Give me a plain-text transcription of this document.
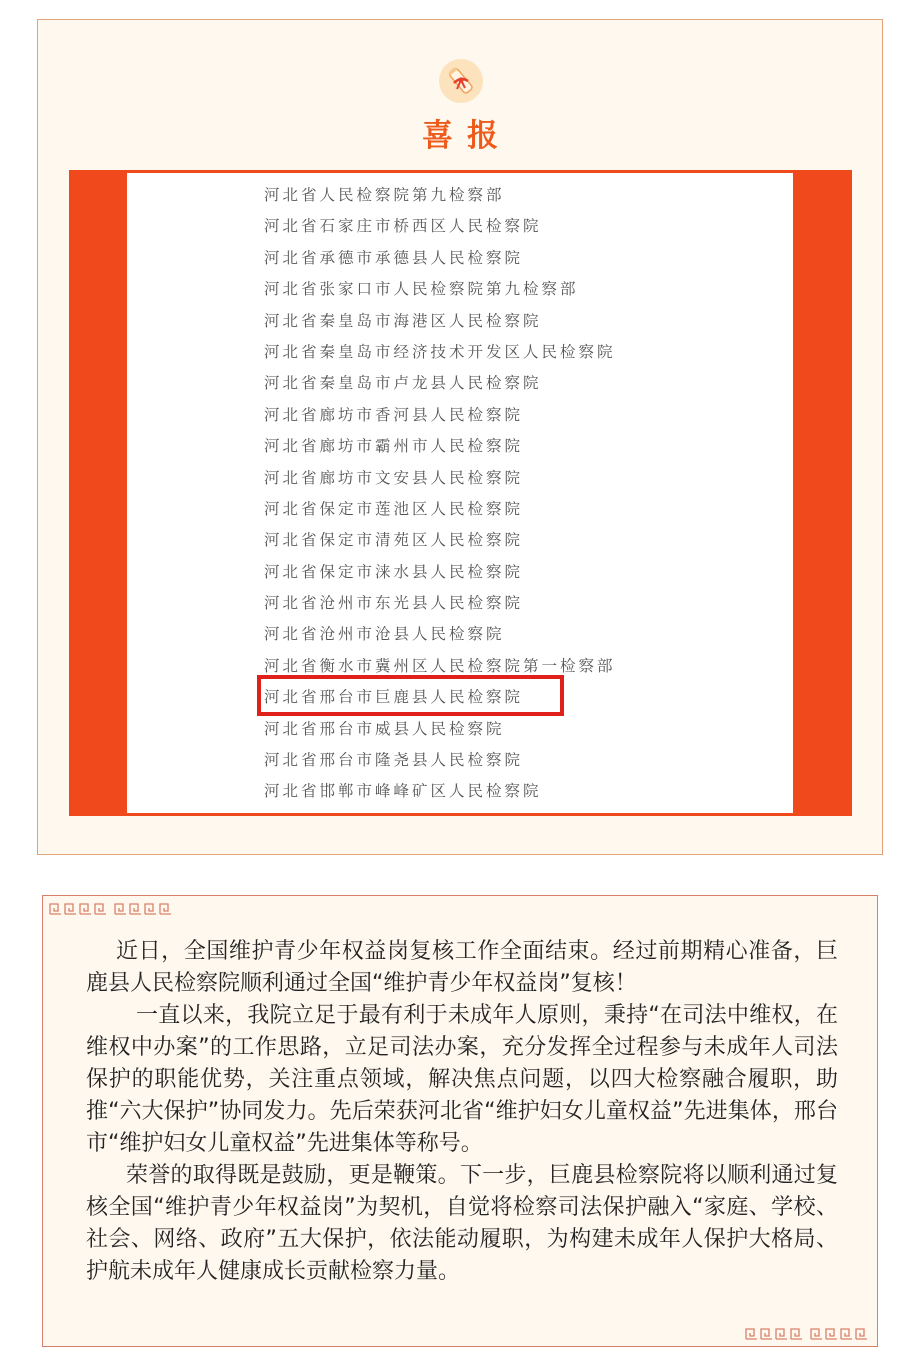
喜报
河北省人民检察院第九检察部
河北省石家庄市桥西区人民检察院
河北省承德市承德县人民检察院
河北省张家口市人民检察院第九检察部
河北省秦皇岛市海港区人民检察院
河北省秦皇岛市经济技术开发区人民检察院
河北省秦皇岛市卢龙县人民检察院
河北省廊坊市香河县人民检察院
河北省廊坊市霸州市人民检察院
河北省廊坊市文安县人民检察院
河北省保定市莲池区人民检察院
河北省保定市清苑区人民检察院
河北省保定市涞水县人民检察院
河北省沧州市东光县人民检察院
河北省沧州市沧县人民检察院
河北省衡水市冀州区人民检察院第一检察部
河北省邢台市巨鹿县人民检察院
河北省邢台市威县人民检察院
河北省邢台市隆尧县人民检察院
河北省邯郸市峰峰矿区人民检察院

近日，全国维护青少年权益岗复核工作全面结束。经过前期精心准备，巨鹿县人民检察院顺利通过全国“维护青少年权益岗”复核！

一直以来，我院立足于最有利于未成年人原则，秉持“在司法中维权，在维权中办案”的工作思路，立足司法办案，充分发挥全过程参与未成年人司法保护的职能优势，关注重点领域，解决焦点问题，以四大检察融合履职，助推“六大保护”协同发力。先后荣获河北省“维护妇女儿童权益”先进集体，邢台市“维护妇女儿童权益”先进集体等称号。

荣誉的取得既是鼓励，更是鞭策。下一步，巨鹿县检察院将以顺利通过复核全国“维护青少年权益岗”为契机，自觉将检察司法保护融入“家庭、学校、社会、网络、政府”五大保护，依法能动履职，为构建未成年人保护大格局、护航未成年人健康成长贡献检察力量。
